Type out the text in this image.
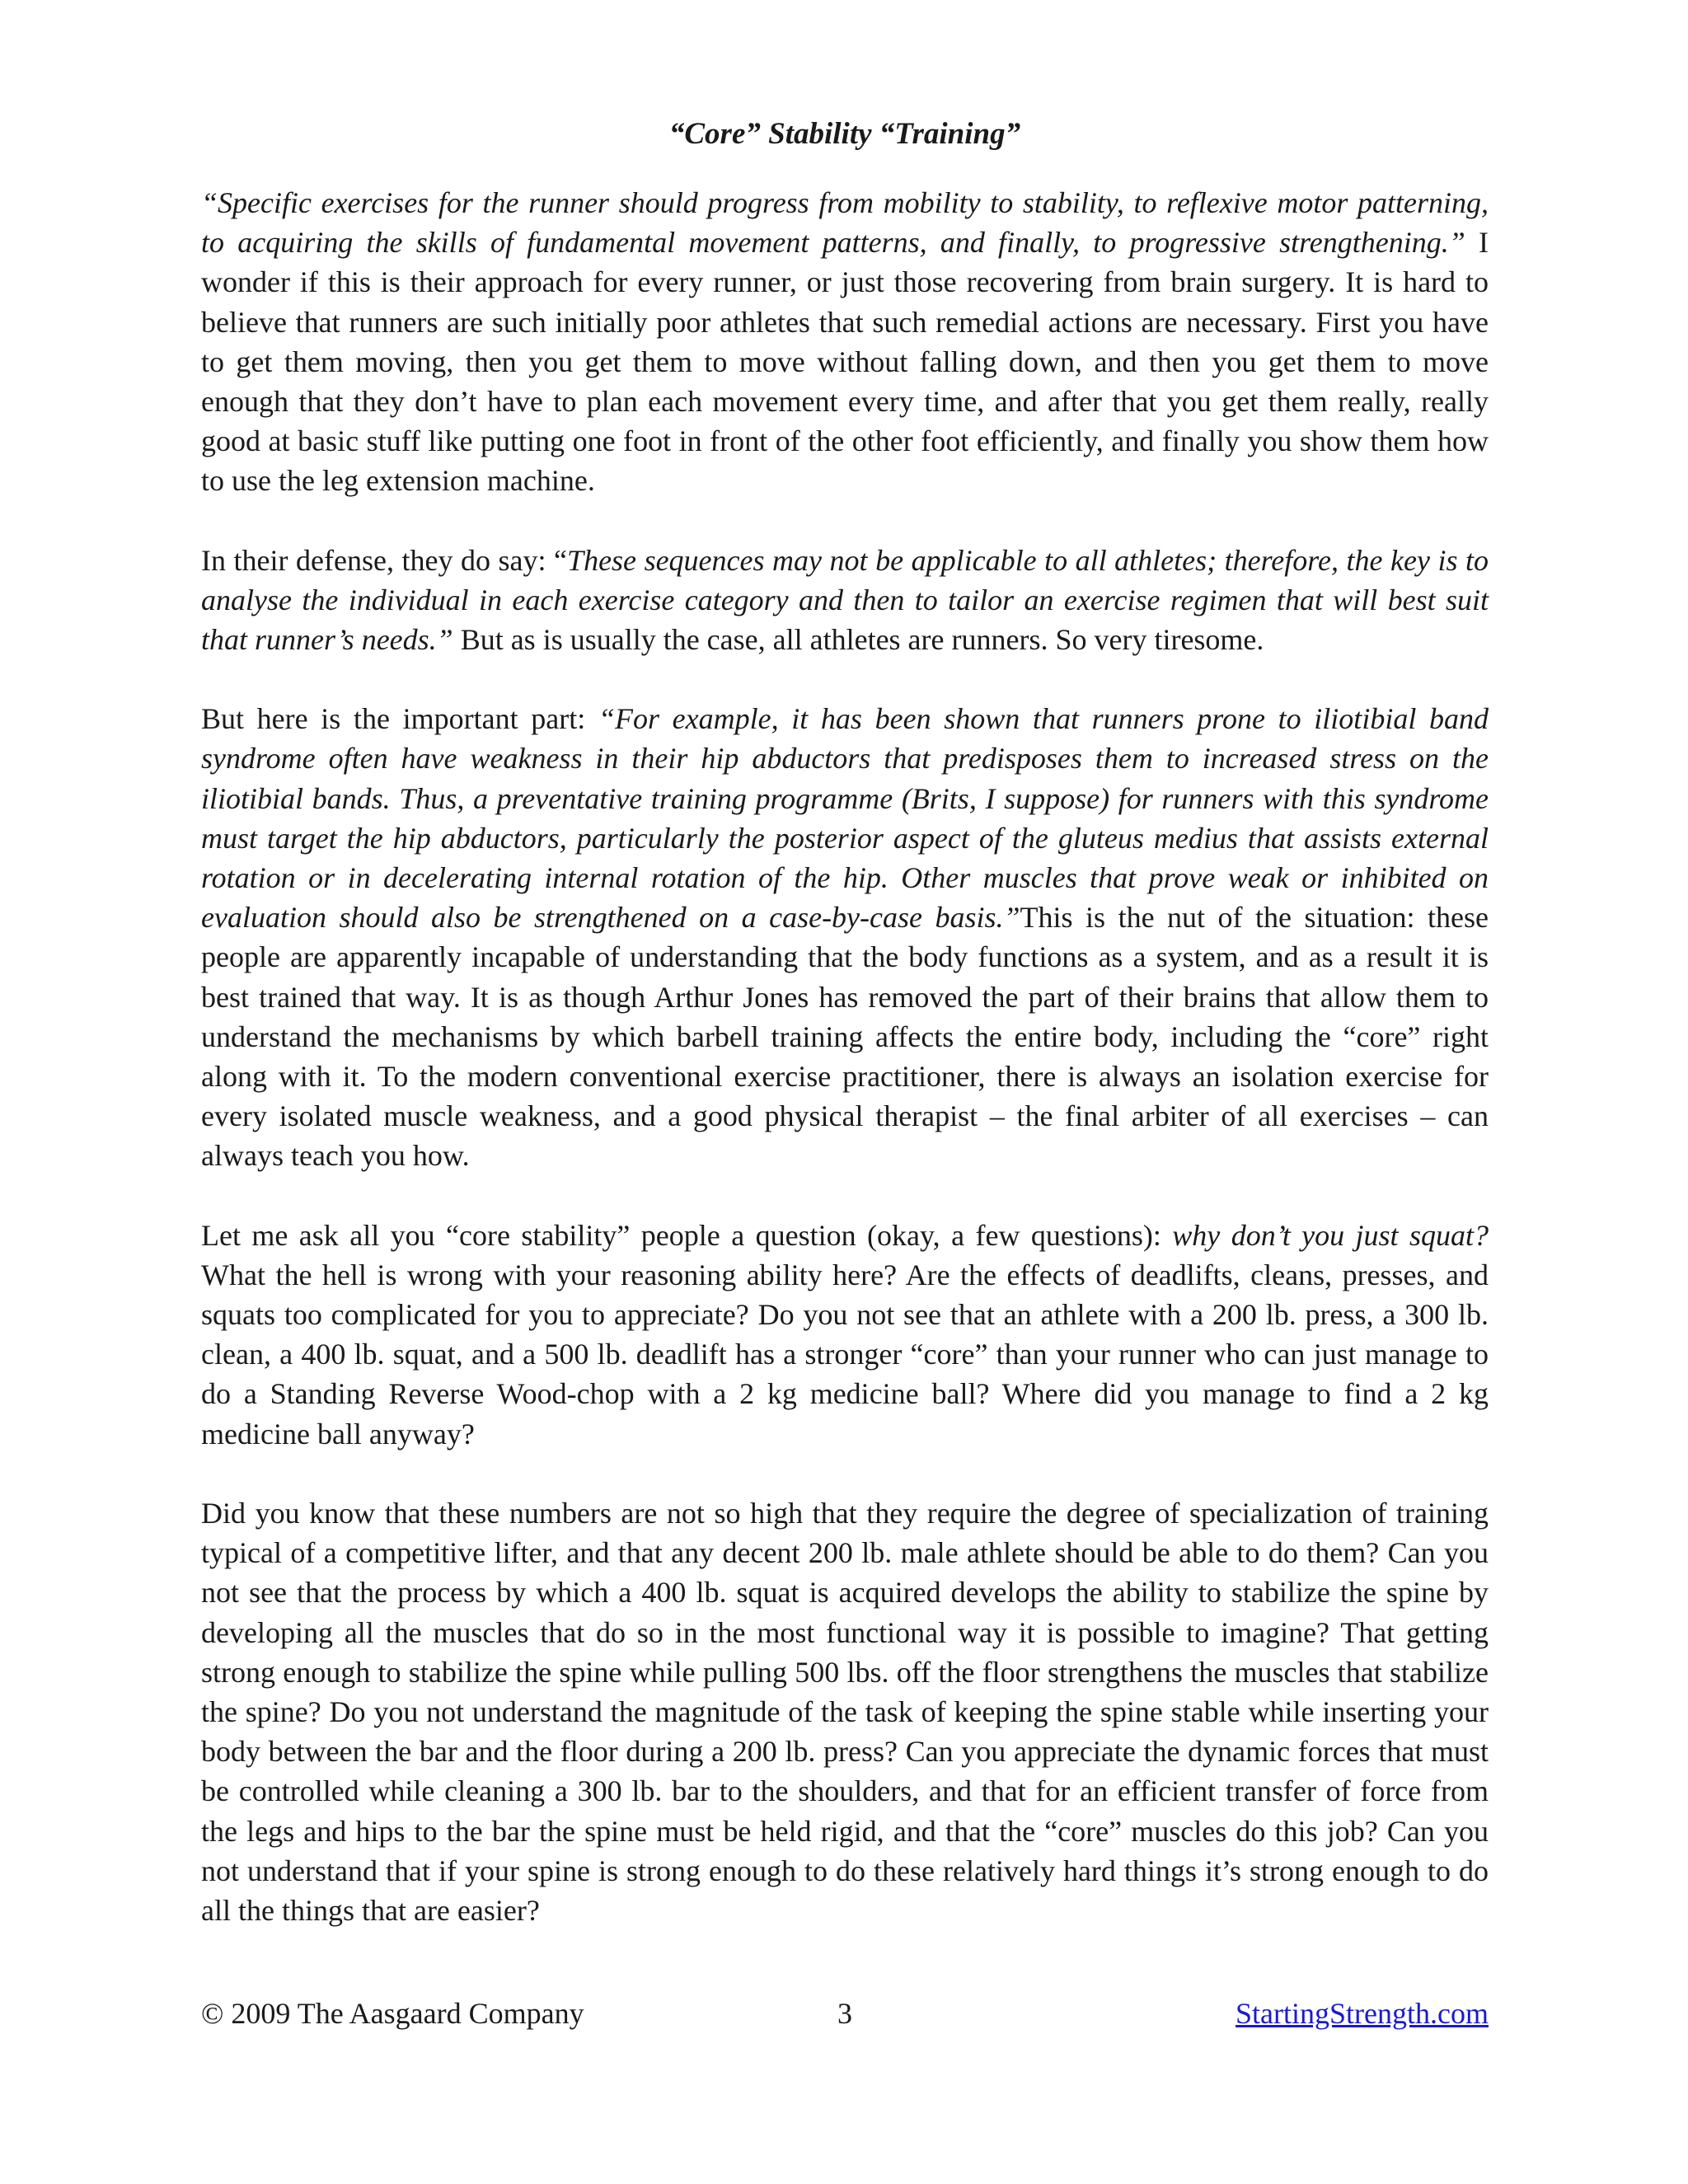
“Core” Stability “Training”

“Specific exercises for the runner should progress from mobility to stability, to reflexive motor patterning, to acquiring the skills of fundamental movement patterns, and finally, to progressive strengthening.” I wonder if this is their approach for every runner, or just those recovering from brain surgery. It is hard to believe that runners are such initially poor athletes that such remedial actions are necessary. First you have to get them moving, then you get them to move without falling down, and then you get them to move enough that they don’t have to plan each movement every time, and after that you get them really, really good at basic stuff like putting one foot in front of the other foot efficiently, and finally you show them how to use the leg extension machine.

In their defense, they do say: “These sequences may not be applicable to all athletes; therefore, the key is to analyse the individual in each exercise category and then to tailor an exercise regimen that will best suit that runner’s needs.” But as is usually the case, all athletes are runners. So very tiresome.

But here is the important part: “For example, it has been shown that runners prone to iliotibial band syndrome often have weakness in their hip abductors that predisposes them to increased stress on the iliotibial bands. Thus, a preventative training programme (Brits, I suppose) for runners with this syndrome must target the hip abductors, particularly the posterior aspect of the gluteus medius that assists external rotation or in decelerating internal rotation of the hip. Other muscles that prove weak or inhibited on evaluation should also be strengthened on a case-by-case basis.”This is the nut of the situation: these people are apparently incapable of understanding that the body functions as a system, and as a result it is best trained that way. It is as though Arthur Jones has removed the part of their brains that allow them to understand the mechanisms by which barbell training affects the entire body, including the “core” right along with it. To the modern conventional exercise practitioner, there is always an isolation exercise for every isolated muscle weakness, and a good physical therapist – the final arbiter of all exercises – can always teach you how.

Let me ask all you “core stability” people a question (okay, a few questions): why don’t you just squat? What the hell is wrong with your reasoning ability here? Are the effects of deadlifts, cleans, presses, and squats too complicated for you to appreciate? Do you not see that an athlete with a 200 lb. press, a 300 lb. clean, a 400 lb. squat, and a 500 lb. deadlift has a stronger “core” than your runner who can just manage to do a Standing Reverse Wood-chop with a 2 kg medicine ball? Where did you manage to find a 2 kg medicine ball anyway?

Did you know that these numbers are not so high that they require the degree of specialization of training typical of a competitive lifter, and that any decent 200 lb. male athlete should be able to do them? Can you not see that the process by which a 400 lb. squat is acquired develops the ability to stabilize the spine by developing all the muscles that do so in the most functional way it is possible to imagine? That getting strong enough to stabilize the spine while pulling 500 lbs. off the floor strengthens the muscles that stabilize the spine? Do you not understand the magnitude of the task of keeping the spine stable while inserting your body between the bar and the floor during a 200 lb. press? Can you appreciate the dynamic forces that must be controlled while cleaning a 300 lb. bar to the shoulders, and that for an efficient transfer of force from the legs and hips to the bar the spine must be held rigid, and that the “core” muscles do this job? Can you not understand that if your spine is strong enough to do these relatively hard things it’s strong enough to do all the things that are easier?

© 2009 The Aasgaard Company	3	StartingStrength.com
